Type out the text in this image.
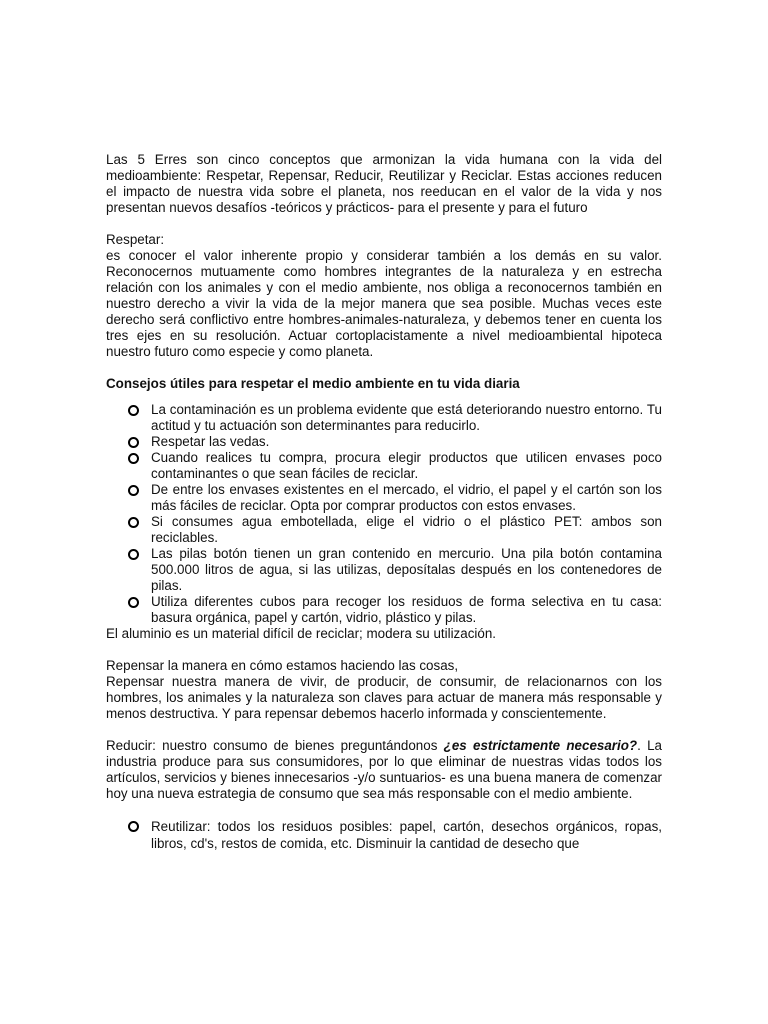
Las 5 Erres son cinco conceptos que armonizan la vida humana con la vida del medioambiente: Respetar, Repensar, Reducir, Reutilizar y Reciclar. Estas acciones reducen el impacto de nuestra vida sobre el planeta, nos reeducan en el valor de la vida y nos presentan nuevos desafíos -teóricos y prácticos- para el presente y para el futuro

Respetar:

es conocer el valor inherente propio y considerar también a los demás en su valor. Reconocernos mutuamente como hombres integrantes de la naturaleza y en estrecha relación con los animales y con el medio ambiente, nos obliga a reconocernos también en nuestro derecho a vivir la vida de la mejor manera que sea posible. Muchas veces este derecho será conflictivo entre hombres-animales-naturaleza, y debemos tener en cuenta los tres ejes en su resolución. Actuar cortoplacistamente a nivel medioambiental hipoteca nuestro futuro como especie y como planeta.

Consejos útiles para respetar el medio ambiente en tu vida diaria

La contaminación es un problema evidente que está deteriorando nuestro entorno. Tu actitud y tu actuación son determinantes para reducirlo.
Respetar las vedas.
Cuando realices tu compra, procura elegir productos que utilicen envases poco contaminantes o que sean fáciles de reciclar.
De entre los envases existentes en el mercado, el vidrio, el papel y el cartón son los más fáciles de reciclar. Opta por comprar productos con estos envases.
Si consumes agua embotellada, elige el vidrio o el plástico PET: ambos son reciclables.
Las pilas botón tienen un gran contenido en mercurio. Una pila botón contamina 500.000 litros de agua, si las utilizas, deposítalas después en los contenedores de pilas.
Utiliza diferentes cubos para recoger los residuos de forma selectiva en tu casa: basura orgánica, papel y cartón, vidrio, plástico y pilas.

El aluminio es un material difícil de reciclar; modera su utilización.

Repensar la manera en cómo estamos haciendo las cosas,

Repensar nuestra manera de vivir, de producir, de consumir, de relacionarnos con los hombres, los animales y la naturaleza son claves para actuar de manera más responsable y menos destructiva. Y para repensar debemos hacerlo informada y conscientemente.

Reducir: nuestro consumo de bienes preguntándonos ¿es estrictamente necesario?. La industria produce para sus consumidores, por lo que eliminar de nuestras vidas todos los artículos, servicios y bienes innecesarios -y/o suntuarios- es una buena manera de comenzar hoy una nueva estrategia de consumo que sea más responsable con el medio ambiente.

Reutilizar: todos los residuos posibles: papel, cartón, desechos orgánicos, ropas, libros, cd's, restos de comida, etc. Disminuir la cantidad de desecho que
